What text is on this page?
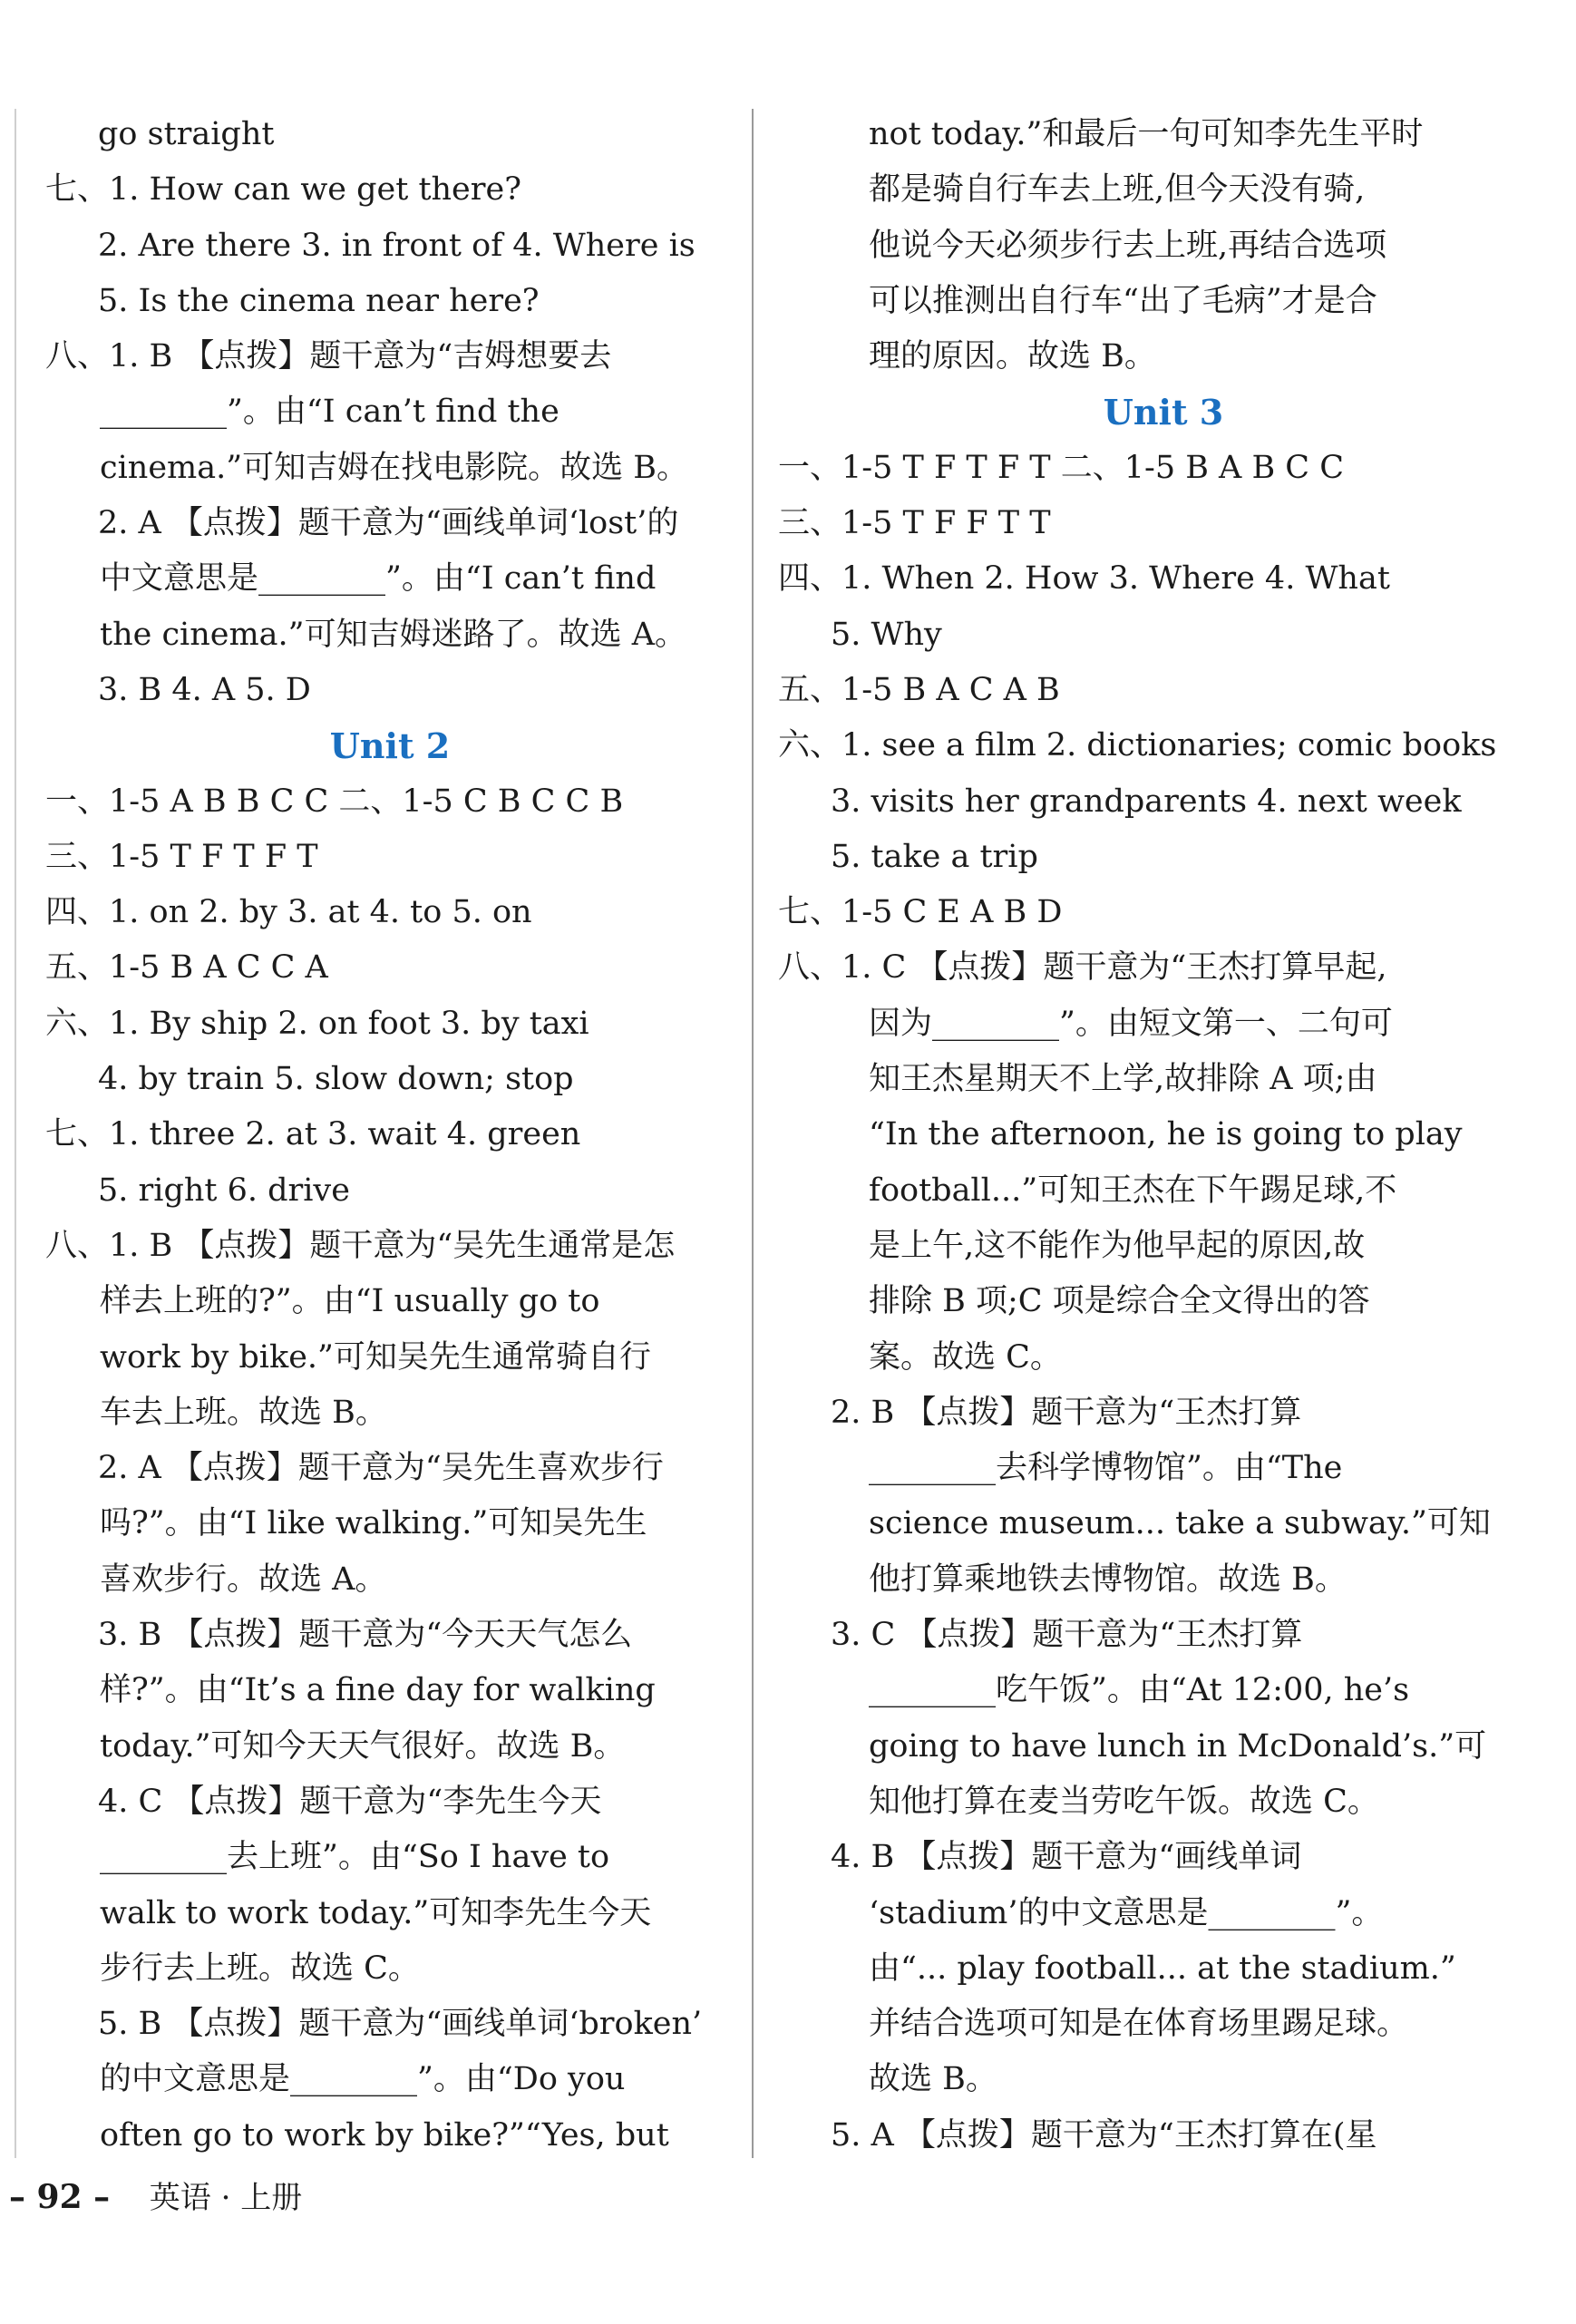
go straight
七、1. How can we get there?
2. Are there 3. in front of 4. Where is
5. Is the cinema near here?
八、1. B 【点拨】题干意为“吉姆想要去
________”。由“I can’t find the
cinema.”可知吉姆在找电影院。故选 B。
2. A 【点拨】题干意为“画线单词‘lost’的
中文意思是________”。由“I can’t find
the cinema.”可知吉姆迷路了。故选 A。
3. B 4. A 5. D
Unit 2
一、1-5 A B B C C 二、1-5 C B C C B
三、1-5 T F T F T
四、1. on 2. by 3. at 4. to 5. on
五、1-5 B A C C A
六、1. By ship 2. on foot 3. by taxi
4. by train 5. slow down; stop
七、1. three 2. at 3. wait 4. green
5. right 6. drive
八、1. B 【点拨】题干意为“吴先生通常是怎
样去上班的?”。由“I usually go to
work by bike.”可知吴先生通常骑自行
车去上班。故选 B。
2. A 【点拨】题干意为“吴先生喜欢步行
吗?”。由“I like walking.”可知吴先生
喜欢步行。故选 A。
3. B 【点拨】题干意为“今天天气怎么
样?”。由“It’s a fine day for walking
today.”可知今天天气很好。故选 B。
4. C 【点拨】题干意为“李先生今天
________去上班”。由“So I have to
walk to work today.”可知李先生今天
步行去上班。故选 C。
5. B 【点拨】题干意为“画线单词‘broken’
的中文意思是________”。由“Do you
often go to work by bike?”“Yes, but
not today.”和最后一句可知李先生平时
都是骑自行车去上班,但今天没有骑,
他说今天必须步行去上班,再结合选项
可以推测出自行车“出了毛病”才是合
理的原因。故选 B。
Unit 3
一、1-5 T F T F T 二、1-5 B A B C C
三、1-5 T F F T T
四、1. When 2. How 3. Where 4. What
5. Why
五、1-5 B A C A B
六、1. see a film 2. dictionaries; comic books
3. visits her grandparents 4. next week
5. take a trip
七、1-5 C E A B D
八、1. C 【点拨】题干意为“王杰打算早起,
因为________”。由短文第一、二句可
知王杰星期天不上学,故排除 A 项;由
“In the afternoon, he is going to play
football...”可知王杰在下午踢足球,不
是上午,这不能作为他早起的原因,故
排除 B 项;C 项是综合全文得出的答
案。故选 C。
2. B 【点拨】题干意为“王杰打算
________去科学博物馆”。由“The
science museum... take a subway.”可知
他打算乘地铁去博物馆。故选 B。
3. C 【点拨】题干意为“王杰打算
________吃午饭”。由“At 12:00, he’s
going to have lunch in McDonald’s.”可
知他打算在麦当劳吃午饭。故选 C。
4. B 【点拨】题干意为“画线单词
‘stadium’的中文意思是________”。
由“... play football... at the stadium.”
并结合选项可知是在体育场里踢足球。
故选 B。
5. A 【点拨】题干意为“王杰打算在(星
– 92 – 英语 · 上册
